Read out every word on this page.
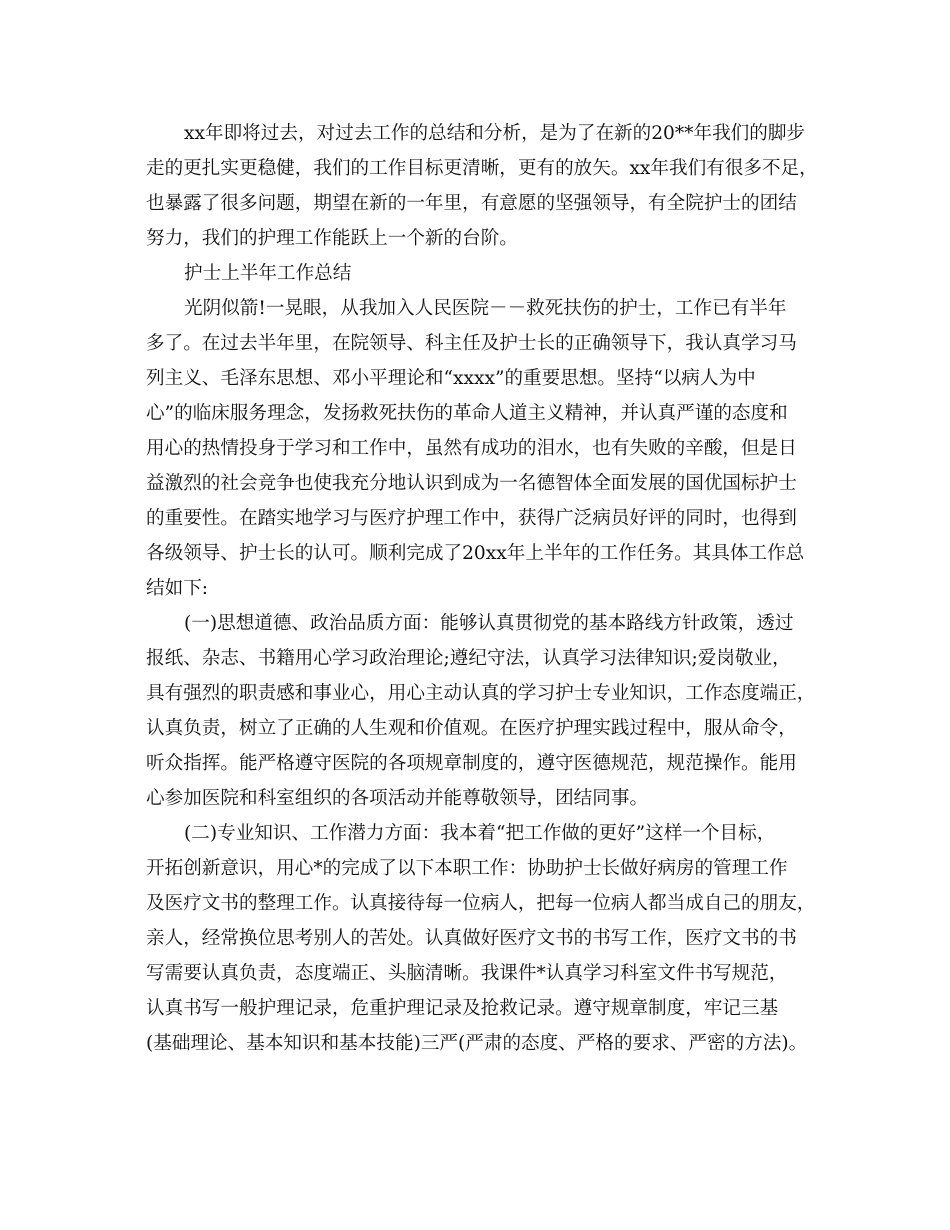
xx年即将过去，对过去工作的总结和分析，是为了在新的20**年我们的脚步
走的更扎实更稳健，我们的工作目标更清晰，更有的放矢。xx年我们有很多不足，
也暴露了很多问题，期望在新的一年里，有意愿的坚强领导，有全院护士的团结
努力，我们的护理工作能跃上一个新的台阶。
护士上半年工作总结
光阴似箭!一晃眼，从我加入人民医院－－救死扶伤的护士，工作已有半年
多了。在过去半年里，在院领导、科主任及护士长的正确领导下，我认真学习马
列主义、毛泽东思想、邓小平理论和“xxxx”的重要思想。坚持“以病人为中
心”的临床服务理念，发扬救死扶伤的革命人道主义精神，并认真严谨的态度和
用心的热情投身于学习和工作中，虽然有成功的泪水，也有失败的辛酸，但是日
益激烈的社会竞争也使我充分地认识到成为一名德智体全面发展的国优国标护士
的重要性。在踏实地学习与医疗护理工作中，获得广泛病员好评的同时，也得到
各级领导、护士长的认可。顺利完成了20xx年上半年的工作任务。其具体工作总
结如下:
(一)思想道德、政治品质方面：能够认真贯彻党的基本路线方针政策，透过
报纸、杂志、书籍用心学习政治理论;遵纪守法，认真学习法律知识;爱岗敬业，
具有强烈的职责感和事业心，用心主动认真的学习护士专业知识，工作态度端正，
认真负责，树立了正确的人生观和价值观。在医疗护理实践过程中，服从命令，
听众指挥。能严格遵守医院的各项规章制度的，遵守医德规范，规范操作。能用
心参加医院和科室组织的各项活动并能尊敬领导，团结同事。
(二)专业知识、工作潜力方面：我本着“把工作做的更好”这样一个目标，
开拓创新意识，用心*的完成了以下本职工作：协助护士长做好病房的管理工作
及医疗文书的整理工作。认真接待每一位病人，把每一位病人都当成自己的朋友，
亲人，经常换位思考别人的苦处。认真做好医疗文书的书写工作，医疗文书的书
写需要认真负责，态度端正、头脑清晰。我课件*认真学习科室文件书写规范，
认真书写一般护理记录，危重护理记录及抢救记录。遵守规章制度，牢记三基
(基础理论、基本知识和基本技能)三严(严肃的态度、严格的要求、严密的方法)。
